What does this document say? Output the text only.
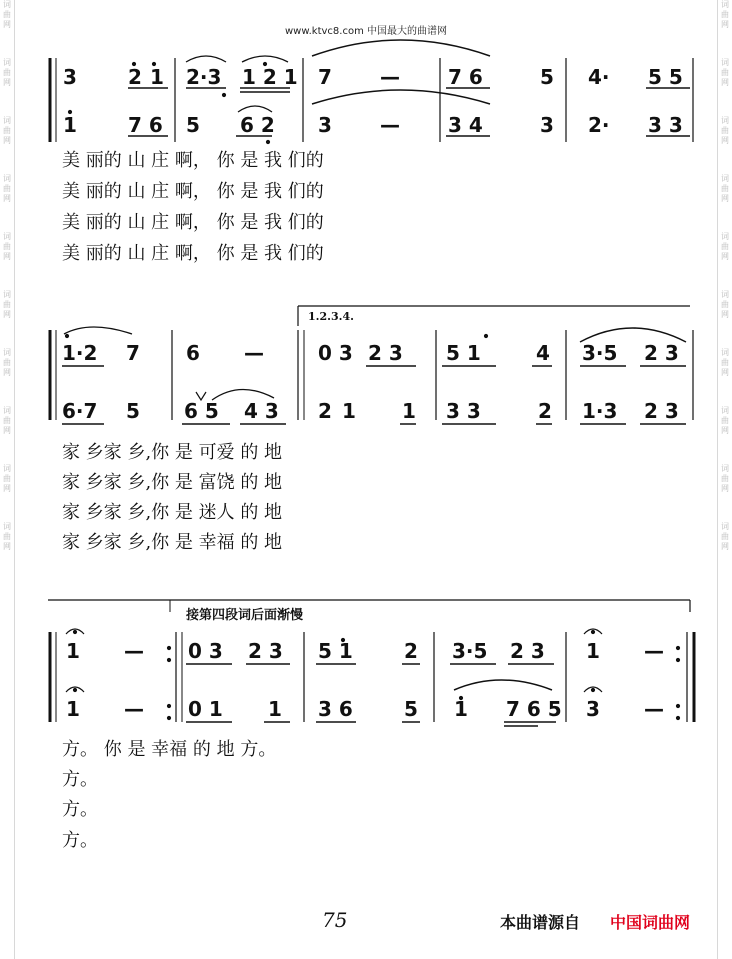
词
曲
网
词
曲
网
词
曲
网
词
曲
网
词
曲
网
词
曲
网
词
曲
网
词
曲
网
词
曲
网
词
曲
网
词
曲
网
词
曲
网
词
曲
网
词
曲
网
词
曲
网
词
曲
网
词
曲
网
词
曲
网
词
曲
网
词
曲
网
www.ktvc8.com 中国最大的曲谱网
3	2 1 2·3 1 2 1 7 — 7 6	5 4· 5 5
1	7 6 5 6 2 3 — 3 4	3 2· 3 3
1·2 7 6 —	0 3 2 3 5 1	4 3·5 2 3
6·7 5 6 5 4 3 2 1 1 3 3	2 1·3 2 3
1 — 0 3 2 3 5 1	2 3·5 2 3 1 —
1 — 0 1 1 3 6	5 1 7 6 5 3 —
1.2.3.4.
接第四段词后面渐慢
美 丽的 山 庄 啊， 你 是 我 们的
美 丽的 山 庄 啊， 你 是 我 们的
美 丽的 山 庄 啊， 你 是 我 们的
美 丽的 山 庄 啊， 你 是 我 们的
家 乡家 乡,你 是 可爱 的 地
家 乡家 乡,你 是 富饶 的 地
家 乡家 乡,你 是 迷人 的 地
家 乡家 乡,你 是 幸福 的 地
方。 你 是 幸福 的 地 方。
方。
方。
方。
75	本曲谱源自 中国词曲网
